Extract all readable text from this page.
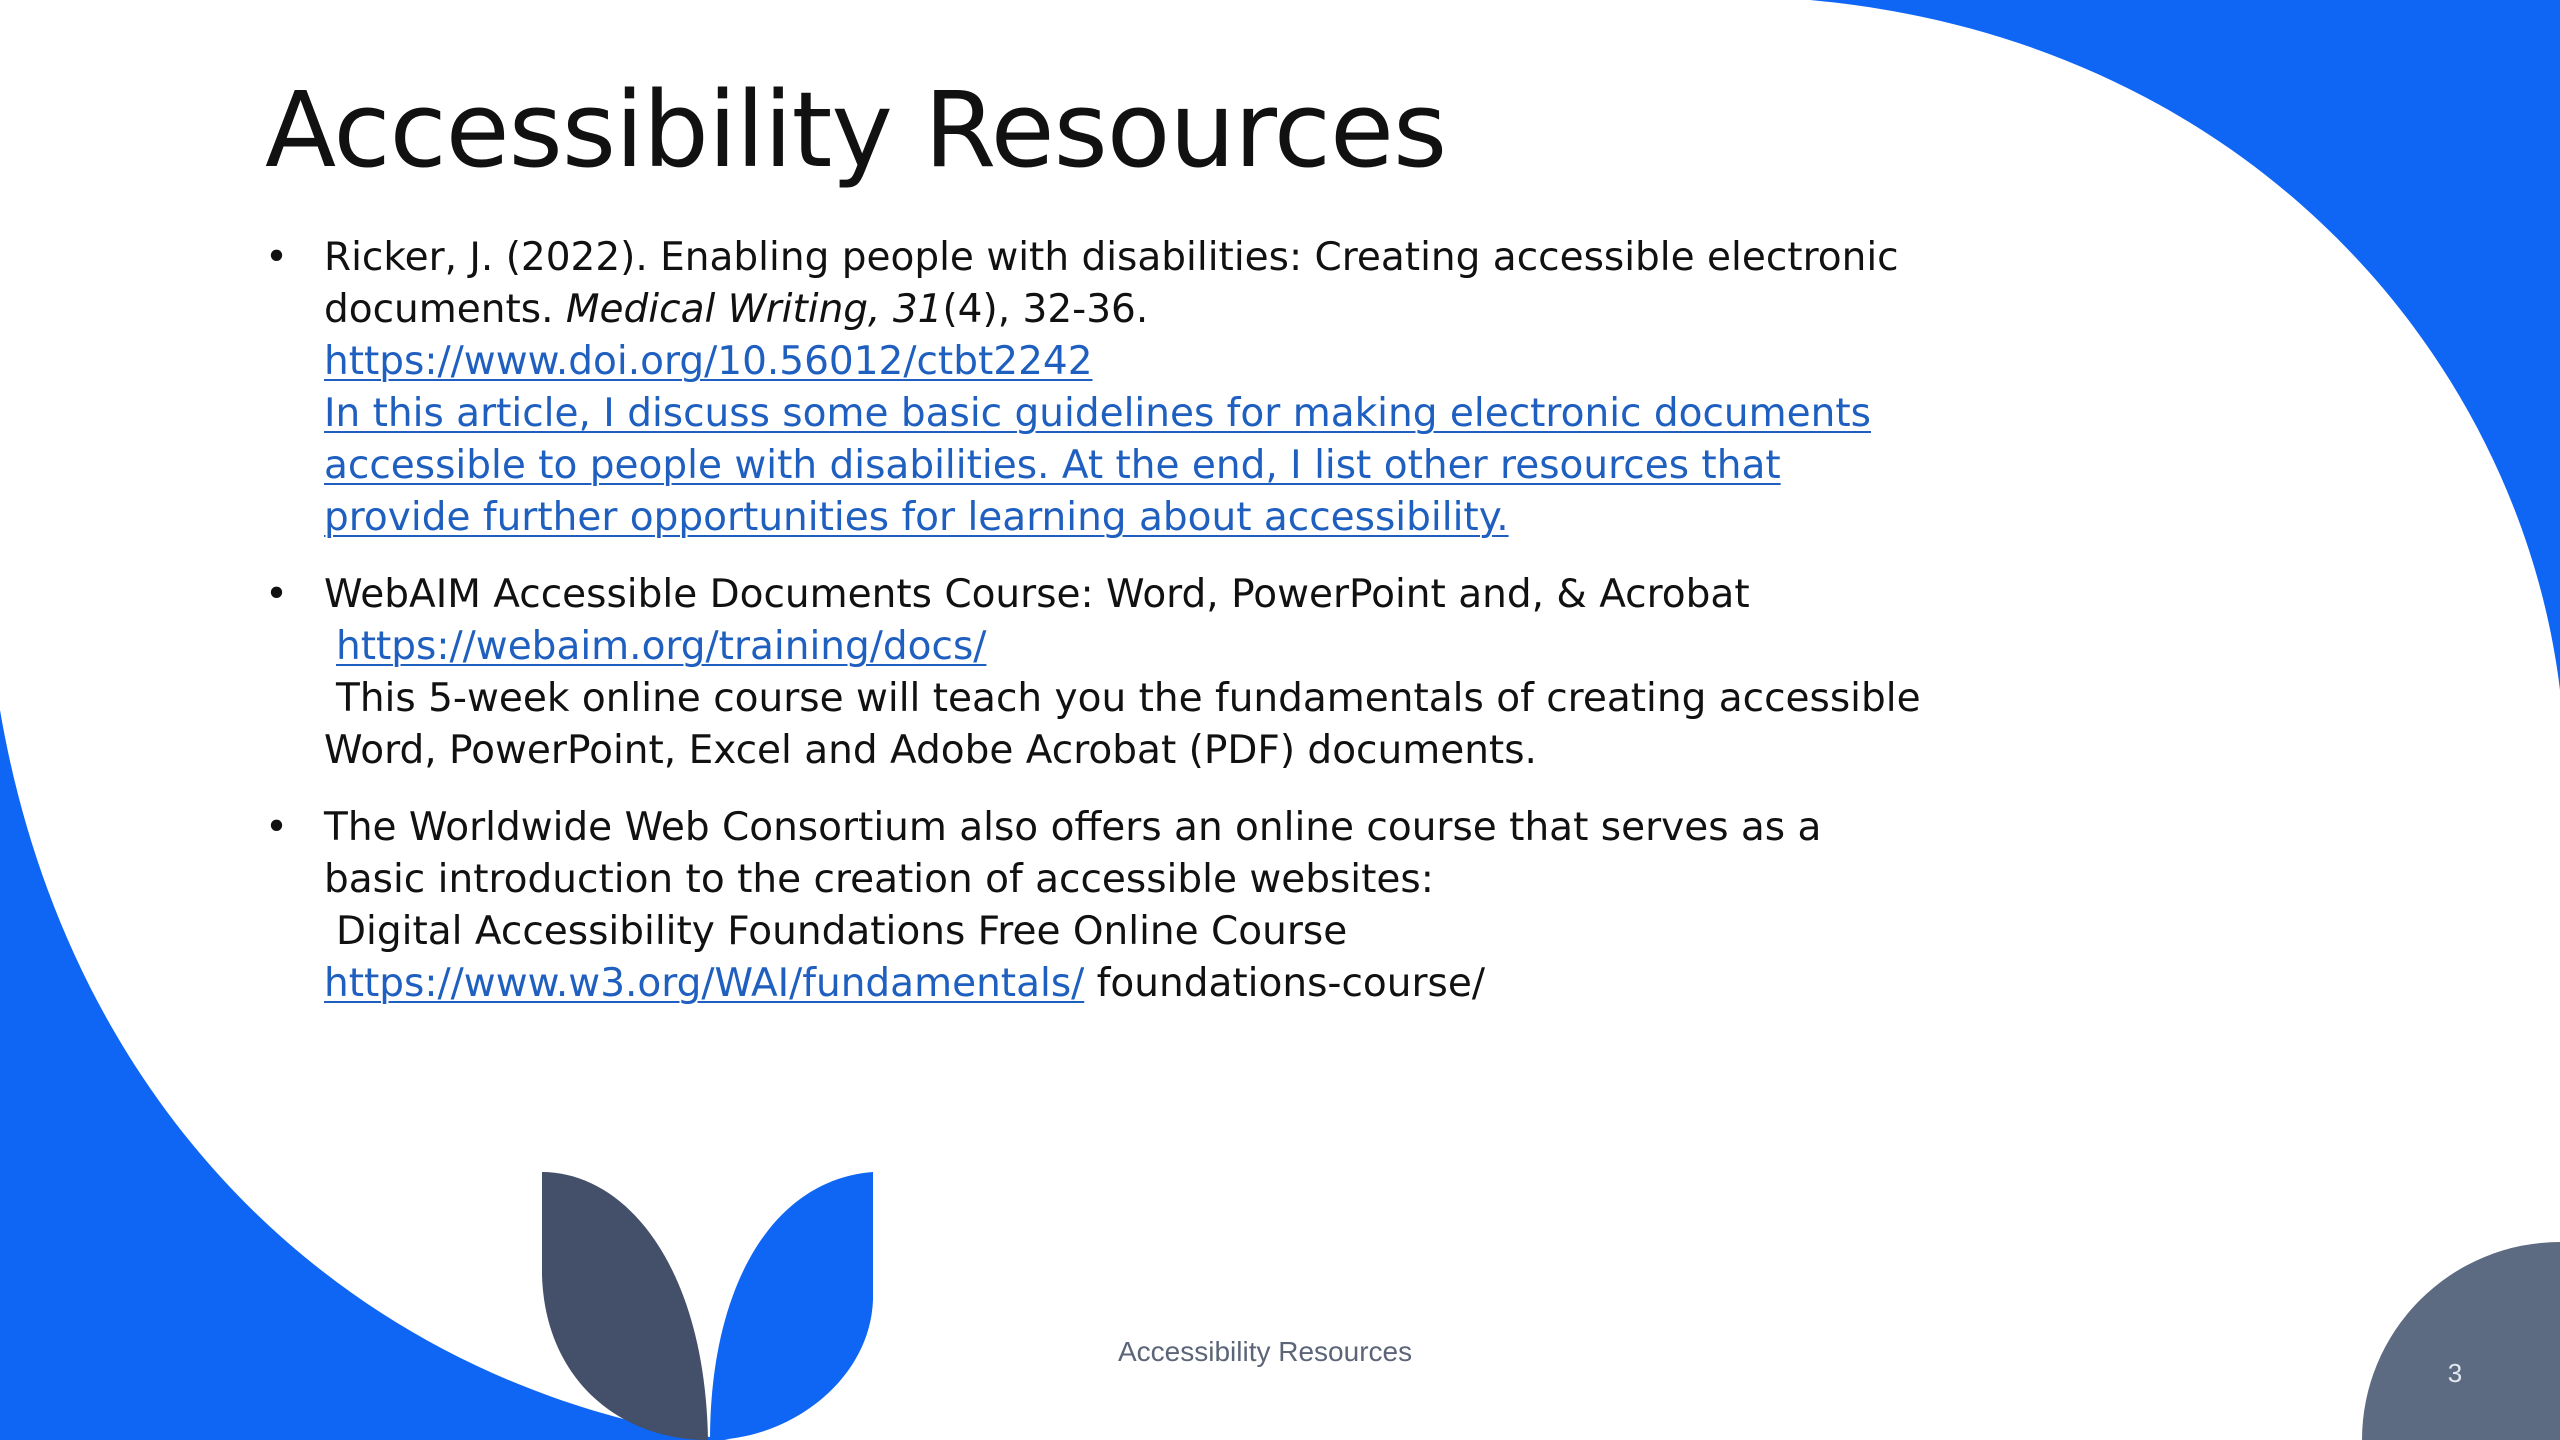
Accessibility Resources
• Ricker, J. (2022). Enabling people with disabilities: Creating accessible electronic
documents. Medical Writing, 31(4), 32-36.
https://www.doi.org/10.56012/ctbt2242
In this article, I discuss some basic guidelines for making electronic documents
accessible to people with disabilities. At the end, I list other resources that
provide further opportunities for learning about accessibility.
• WebAIM Accessible Documents Course: Word, PowerPoint and, & Acrobat
https://webaim.org/training/docs/
This 5-week online course will teach you the fundamentals of creating accessible
Word, PowerPoint, Excel and Adobe Acrobat (PDF) documents.
• The Worldwide Web Consortium also offers an online course that serves as a
basic introduction to the creation of accessible websites:
Digital Accessibility Foundations Free Online Course
https://www.w3.org/WAI/fundamentals/ foundations-course/
Accessibility Resources
3
